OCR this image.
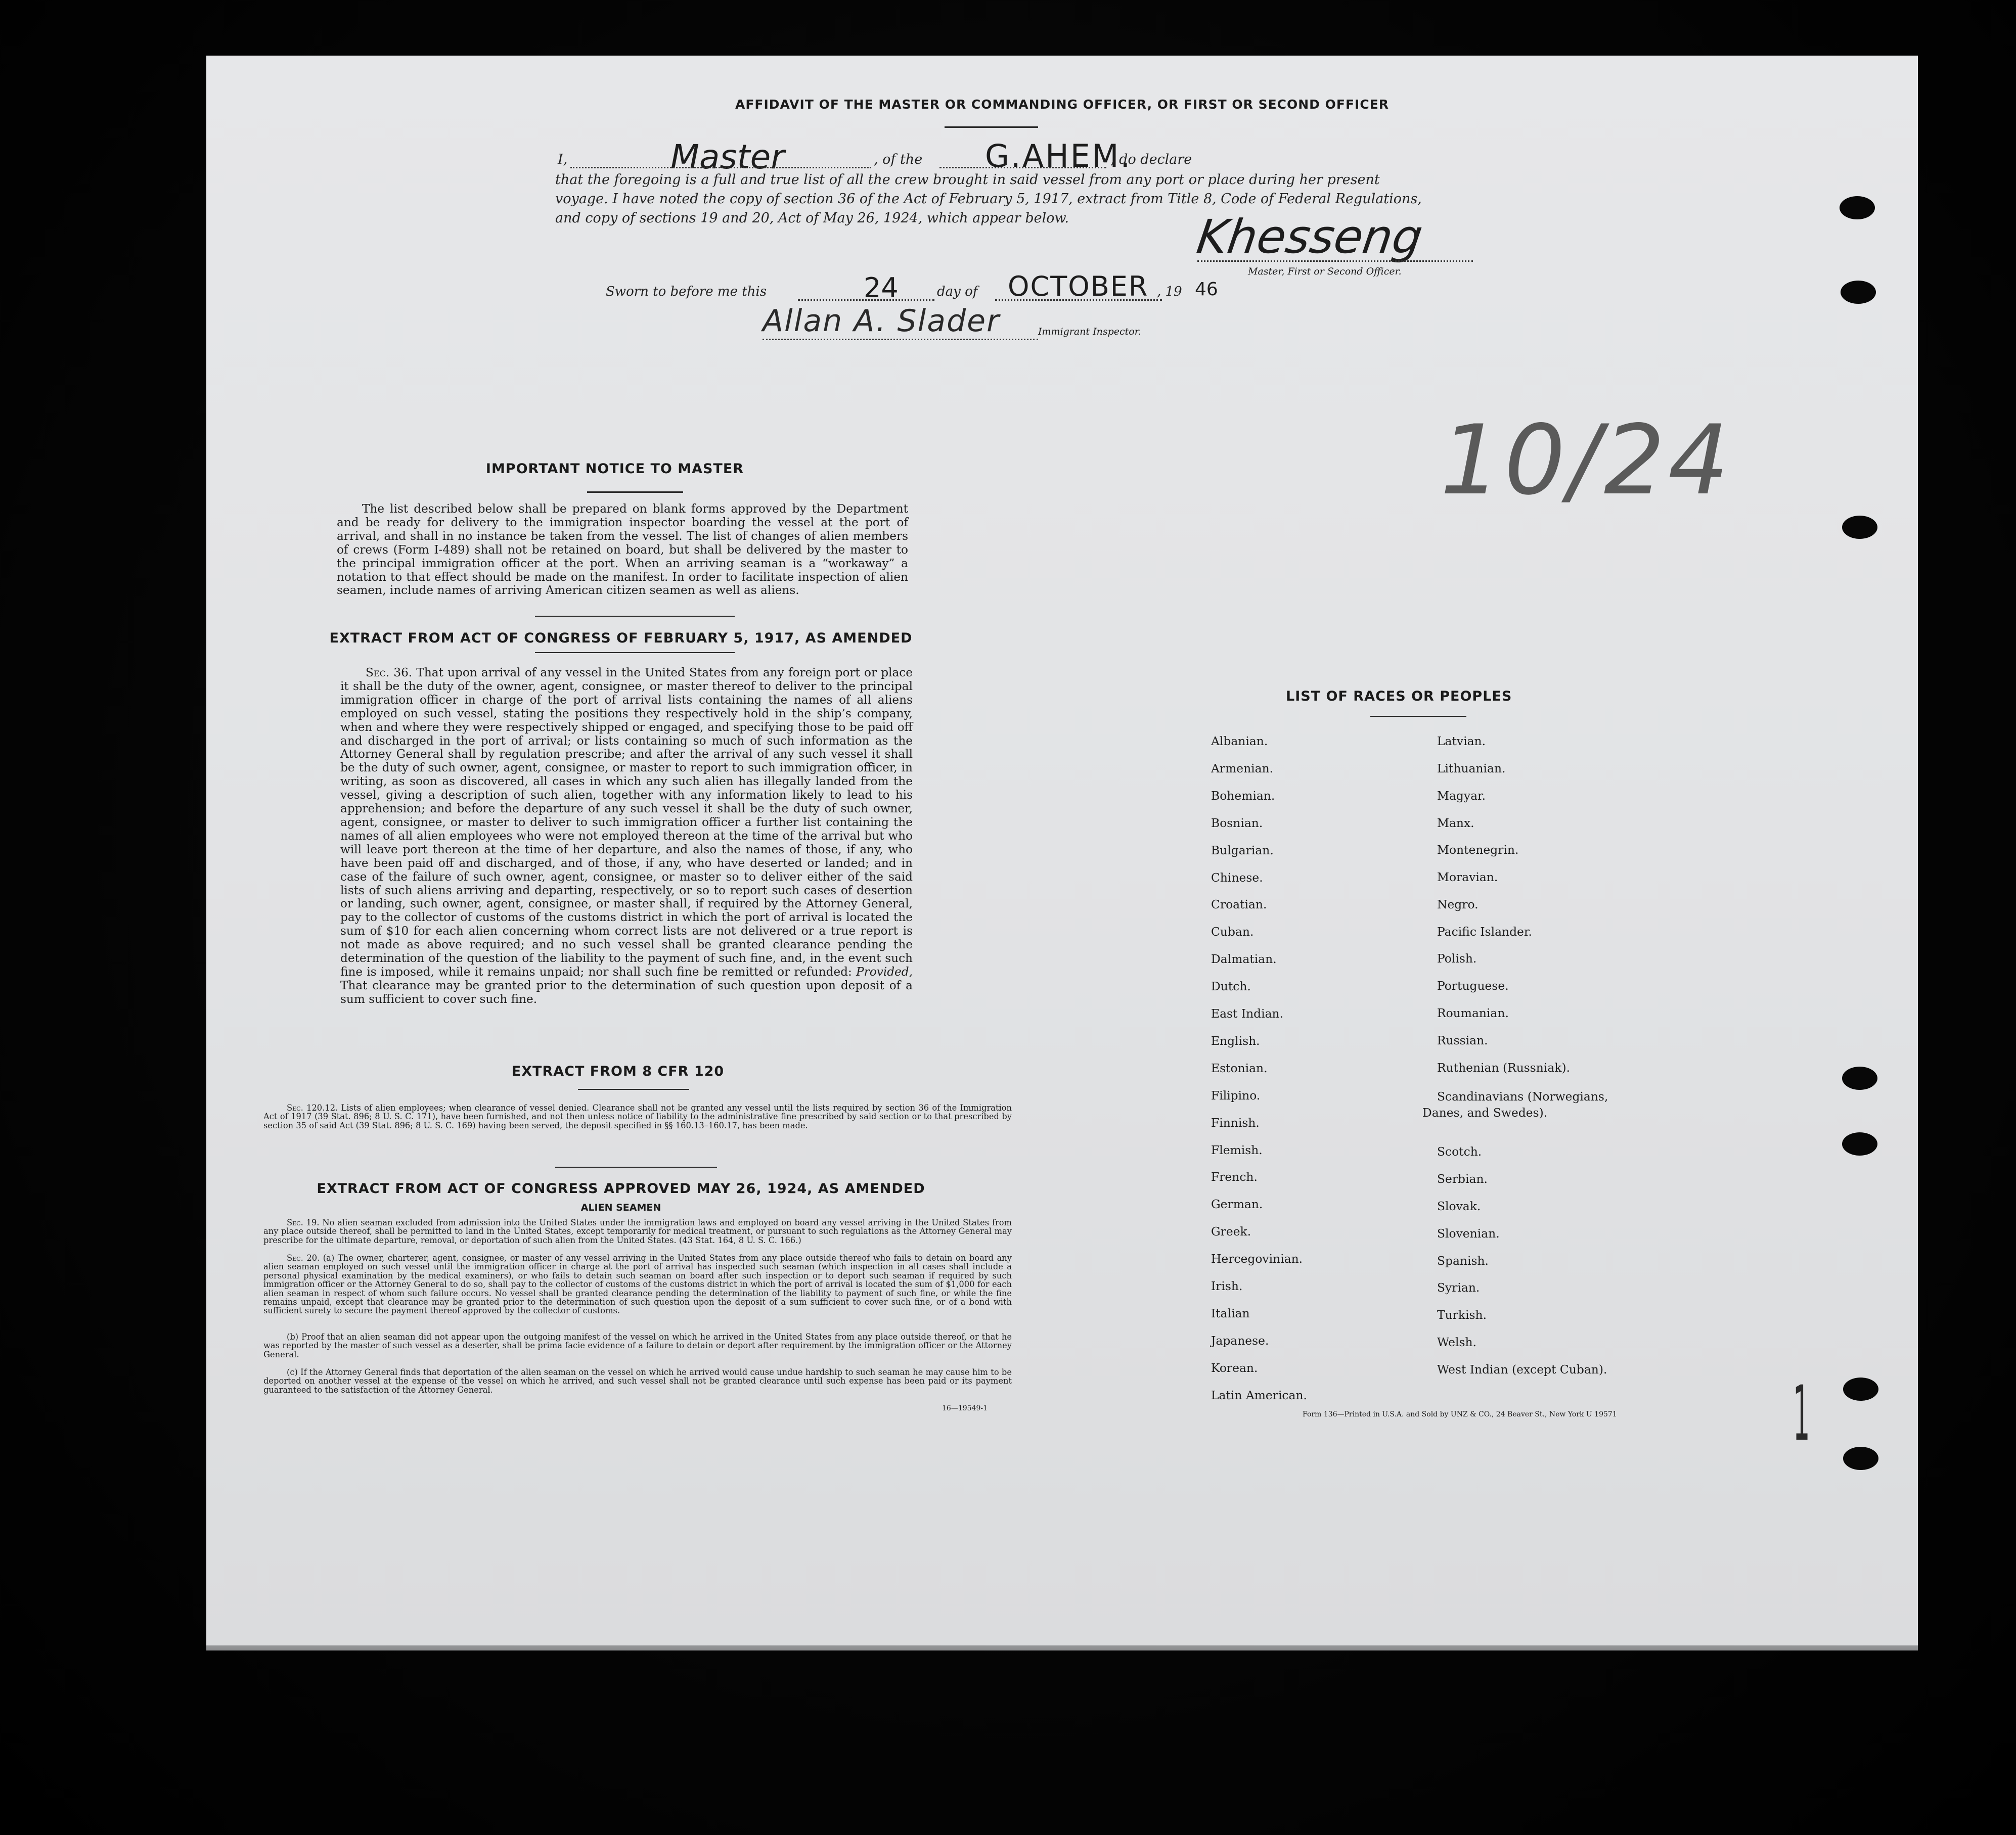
AFFIDAVIT OF THE MASTER OR COMMANDING OFFICER, OR FIRST OR SECOND OFFICER
I,	Master	, of the G.AHEM.
, do declare
that the foregoing is a full and true list of all the crew brought in said vessel from any port or place during her present
voyage. I have noted the copy of section 36 of the Act of February 5, 1917, extract from Title 8, Code of Federal Regulations,
and copy of sections 19 and 20, Act of May 26, 1924, which appear below.	Khesseng
Master, First or Second Officer.
Sworn to before me this	24	day of OCTOBER , 19 46
Allan A. Slader	Immigrant Inspector.
10/24
IMPORTANT NOTICE TO MASTER
The list described below shall be prepared on blank forms approved by the Department and be ready for delivery to the immigration inspector boarding the vessel at the port of arrival, and shall in no instance be taken from the vessel. The list of changes of alien members of crews (Form I-489) shall not be retained on board, but shall be delivered by the master to the principal immigration officer at the port. When an arriving seaman is a “workaway” a notation to that effect should be made on the manifest. In order to facilitate inspection of alien seamen, include names of arriving American citizen seamen as well as aliens.
EXTRACT FROM ACT OF CONGRESS OF FEBRUARY 5, 1917, AS AMENDED
Sec. 36. That upon arrival of any vessel in the United States from any foreign port or place it shall be the duty of the owner, agent, consignee, or master thereof to deliver to the principal immigration officer in charge of the port of arrival lists containing the names of all aliens employed on such vessel, stating the positions they respectively hold in the ship’s company, when and where they were respectively shipped or engaged, and specifying those to be paid off and discharged in the port of arrival; or lists containing so much of such information as the Attorney General shall by regulation prescribe; and after the arrival of any such vessel it shall be the duty of such owner, agent, consignee, or master to report to such immigration officer, in writing, as soon as discovered, all cases in which any such alien has illegally landed from the vessel, giving a description of such alien, together with any information likely to lead to his apprehension; and before the departure of any such vessel it shall be the duty of such owner, agent, consignee, or master to deliver to such immigration officer a further list containing the names of all alien employees who were not employed thereon at the time of the arrival but who will leave port thereon at the time of her departure, and also the names of those, if any, who have been paid off and discharged, and of those, if any, who have deserted or landed; and in case of the failure of such owner, agent, consignee, or master so to deliver either of the said lists of such aliens arriving and departing, respectively, or so to report such cases of desertion or landing, such owner, agent, consignee, or master shall, if required by the Attorney General, pay to the collector of customs of the customs district in which the port of arrival is located the sum of $10 for each alien concerning whom correct lists are not delivered or a true report is not made as above required; and no such vessel shall be granted clearance pending the determination of the question of the liability to the payment of such fine, and, in the event such fine is imposed, while it remains unpaid; nor shall such fine be remitted or refunded: Provided, That clearance may be granted prior to the determination of such question upon deposit of a sum sufficient to cover such fine.
EXTRACT FROM 8 CFR 120
Sec. 120.12. Lists of alien employees; when clearance of vessel denied. Clearance shall not be granted any vessel until the lists required by section 36 of the Immigration Act of 1917 (39 Stat. 896; 8 U. S. C. 171), have been furnished, and not then unless notice of liability to the administrative fine prescribed by said section or to that prescribed by section 35 of said Act (39 Stat. 896; 8 U. S. C. 169) having been served, the deposit specified in §§ 160.13–160.17, has been made.
EXTRACT FROM ACT OF CONGRESS APPROVED MAY 26, 1924, AS AMENDED
ALIEN SEAMEN
Sec. 19. No alien seaman excluded from admission into the United States under the immigration laws and employed on board any vessel arriving in the United States from any place outside thereof, shall be permitted to land in the United States, except temporarily for medical treatment, or pursuant to such regulations as the Attorney General may prescribe for the ultimate departure, removal, or deportation of such alien from the United States. (43 Stat. 164, 8 U. S. C. 166.)
Sec. 20. (a) The owner, charterer, agent, consignee, or master of any vessel arriving in the United States from any place outside thereof who fails to detain on board any alien seaman employed on such vessel until the immigration officer in charge at the port of arrival has inspected such seaman (which inspection in all cases shall include a personal physical examination by the medical examiners), or who fails to detain such seaman on board after such inspection or to deport such seaman if required by such immigration officer or the Attorney General to do so, shall pay to the collector of customs of the customs district in which the port of arrival is located the sum of $1,000 for each alien seaman in respect of whom such failure occurs. No vessel shall be granted clearance pending the determination of the liability to payment of such fine, or while the fine remains unpaid, except that clearance may be granted prior to the determination of such question upon the deposit of a sum sufficient to cover such fine, or of a bond with sufficient surety to secure the payment thereof approved by the collector of customs.
(b) Proof that an alien seaman did not appear upon the outgoing manifest of the vessel on which he arrived in the United States from any place outside thereof, or that he was reported by the master of such vessel as a deserter, shall be prima facie evidence of a failure to detain or deport after requirement by the immigration officer or the Attorney General.
(c) If the Attorney General finds that deportation of the alien seaman on the vessel on which he arrived would cause undue hardship to such seaman he may cause him to be deported on another vessel at the expense of the vessel on which he arrived, and such vessel shall not be granted clearance until such expense has been paid or its payment guaranteed to the satisfaction of the Attorney General.
16—19549-1
LIST OF RACES OR PEOPLES
Danes, and Swedes).
Form 136—Printed in U.S.A. and Sold by UNZ & CO., 24 Beaver St., New York U 19571 1
Albanian.
Armenian.
Bohemian.
Bosnian.
Bulgarian.
Chinese.
Croatian.
Cuban.
Dalmatian.
Dutch.
East Indian.
English.
Estonian.
Filipino.
Finnish.
Flemish.
French.
German.
Greek.
Hercegovinian.
Irish.
Italian
Japanese.
Korean.
Latin American.
Latvian.
Lithuanian.
Magyar.
Manx.
Montenegrin.
Moravian.
Negro.
Pacific Islander.
Polish.
Portuguese.
Roumanian.
Russian.
Ruthenian (Russniak).
Scandinavians (Norwegians,
Scotch.
Serbian.
Slovak.
Slovenian.
Spanish.
Syrian.
Turkish.
Welsh.
West Indian (except Cuban).
